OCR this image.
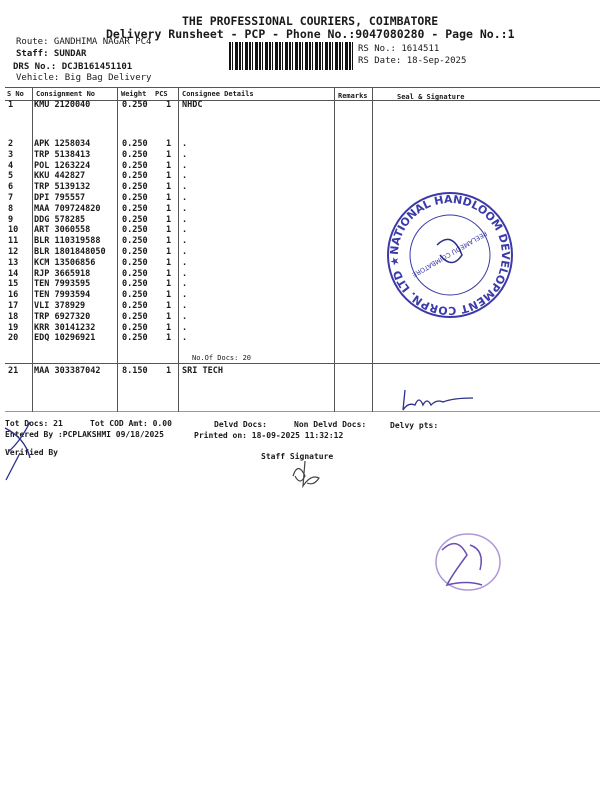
THE PROFESSIONAL COURIERS, COIMBATORE
Delivery Runsheet - PCP - Phone No.:9047080280 - Page No.:1
Route: GANDHIMA NAGAR PC4
Staff: SUNDAR
DRS No.: DCJB161451101
Vehicle: Big Bag Delivery
RS No.: 1614511
RS Date: 18-Sep-2025
S No Consignment No	Weight PCS Consignee Details	Remarks	Seal & Signature
1 KMU 2120040	0.250 1 NHDC
2 APK 1258034	0.250 1 .
3 TRP 5138413	0.250 1 .
4 POL 1263224	0.250 1 .
5 KKU 442827	0.250 1 .
6 TRP 5139132	0.250 1 .
7 DPI 795557	0.250 1 .
8 MAA 709724820	0.250 1 .
9 DDG 578285	0.250 1 .
10 ART 3060558	0.250 1 .
11 BLR 110319588	0.250 1 .
12 BLR 1801848050 0.250 1 .
13 KCM 13506856	0.250 1 .
14 RJP 3665918	0.250 1 .
15 TEN 7993595	0.250 1 .
16 TEN 7993594	0.250 1 .
17 VLI 378929	0.250 1 .
18 TRP 6927320	0.250 1 .
19 KRR 30141232	0.250 1 .
20 EDQ 10296921	0.250 1 .
No.Of Docs: 20
21 MAA 303387042	8.150 1 SRI TECH
Tot Docs: 21	Tot COD Amt: 0.00	Delvd Docs:	Non Delvd Docs:	Delvy pts:
Entered By :PCPLAKSHMI 09/18/2025	Printed on: 18-09-2025 11:32:12
Verified By	Staff Signature
NATIONAL HANDLOOM DEVELOPMENT CORPN. LTD ★	PEELAMEDU COIMBATORE
